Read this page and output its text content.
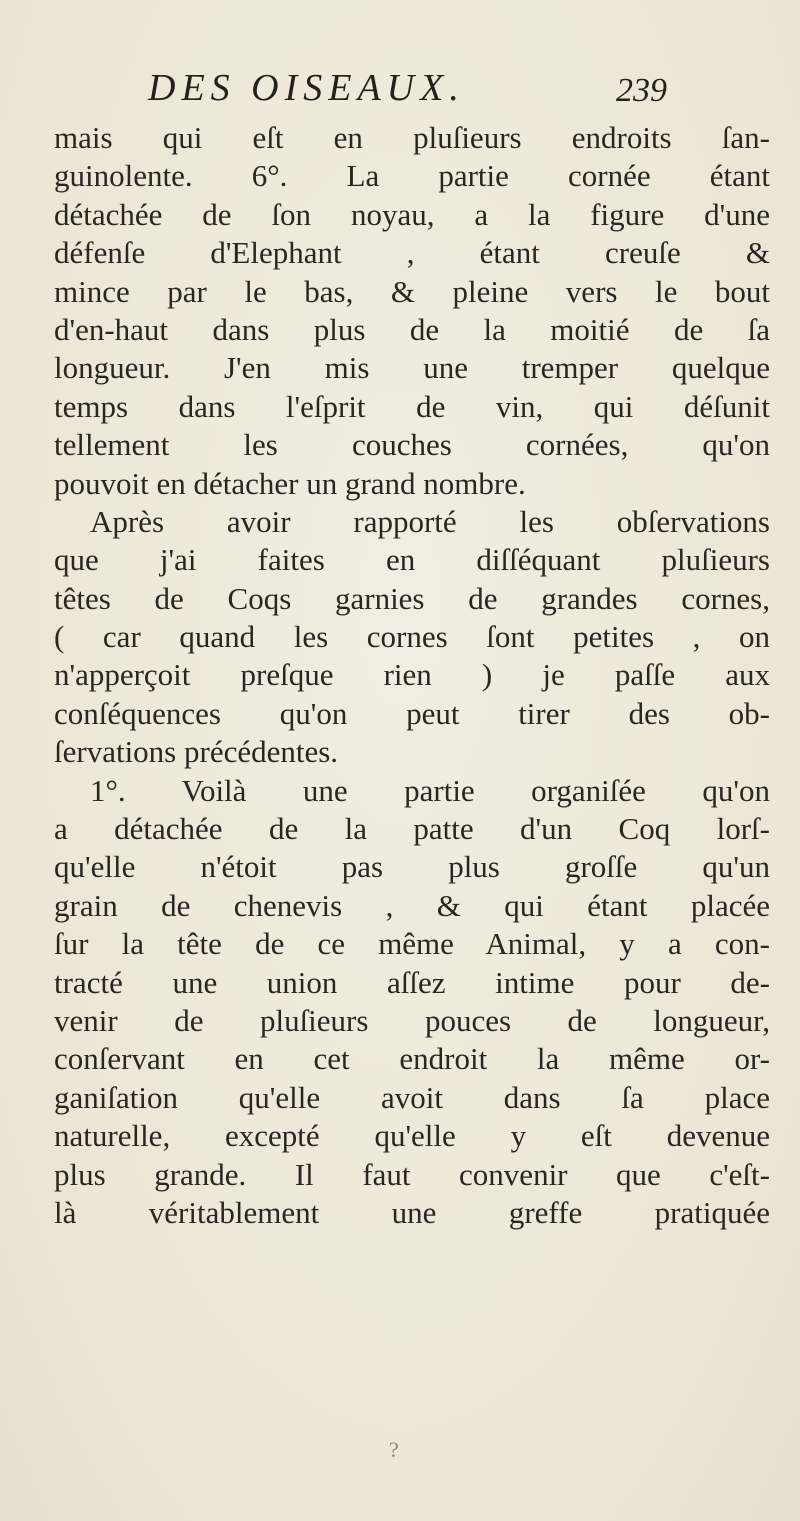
DES OISEAUX.	239
mais qui eſt en pluſieurs endroits ſan-
guinolente. 6°. La partie cornée étant
détachée de ſon noyau, a la figure d'une
défenſe d'Elephant , étant creuſe &
mince par le bas, & pleine vers le bout
d'en-haut dans plus de la moitié de ſa
longueur. J'en mis une tremper quelque
temps dans l'eſprit de vin, qui déſunit
tellement les couches cornées, qu'on
pouvoit en détacher un grand nombre.
Après avoir rapporté les obſervations
que j'ai faites en diſſéquant pluſieurs
têtes de Coqs garnies de grandes cornes,
( car quand les cornes ſont petites , on
n'apperçoit preſque rien ) je paſſe aux
conſéquences qu'on peut tirer des ob-
ſervations précédentes.
1°. Voilà une partie organiſée qu'on
a détachée de la patte d'un Coq lorſ-
qu'elle n'étoit pas plus groſſe qu'un
grain de chenevis , & qui étant placée
ſur la tête de ce même Animal, y a con-
tracté une union aſſez intime pour de-
venir de pluſieurs pouces de longueur,
conſervant en cet endroit la même or-
ganiſation qu'elle avoit dans ſa place
naturelle, excepté qu'elle y eſt devenue
plus grande. Il faut convenir que c'eſt-
là véritablement une greffe pratiquée
?
